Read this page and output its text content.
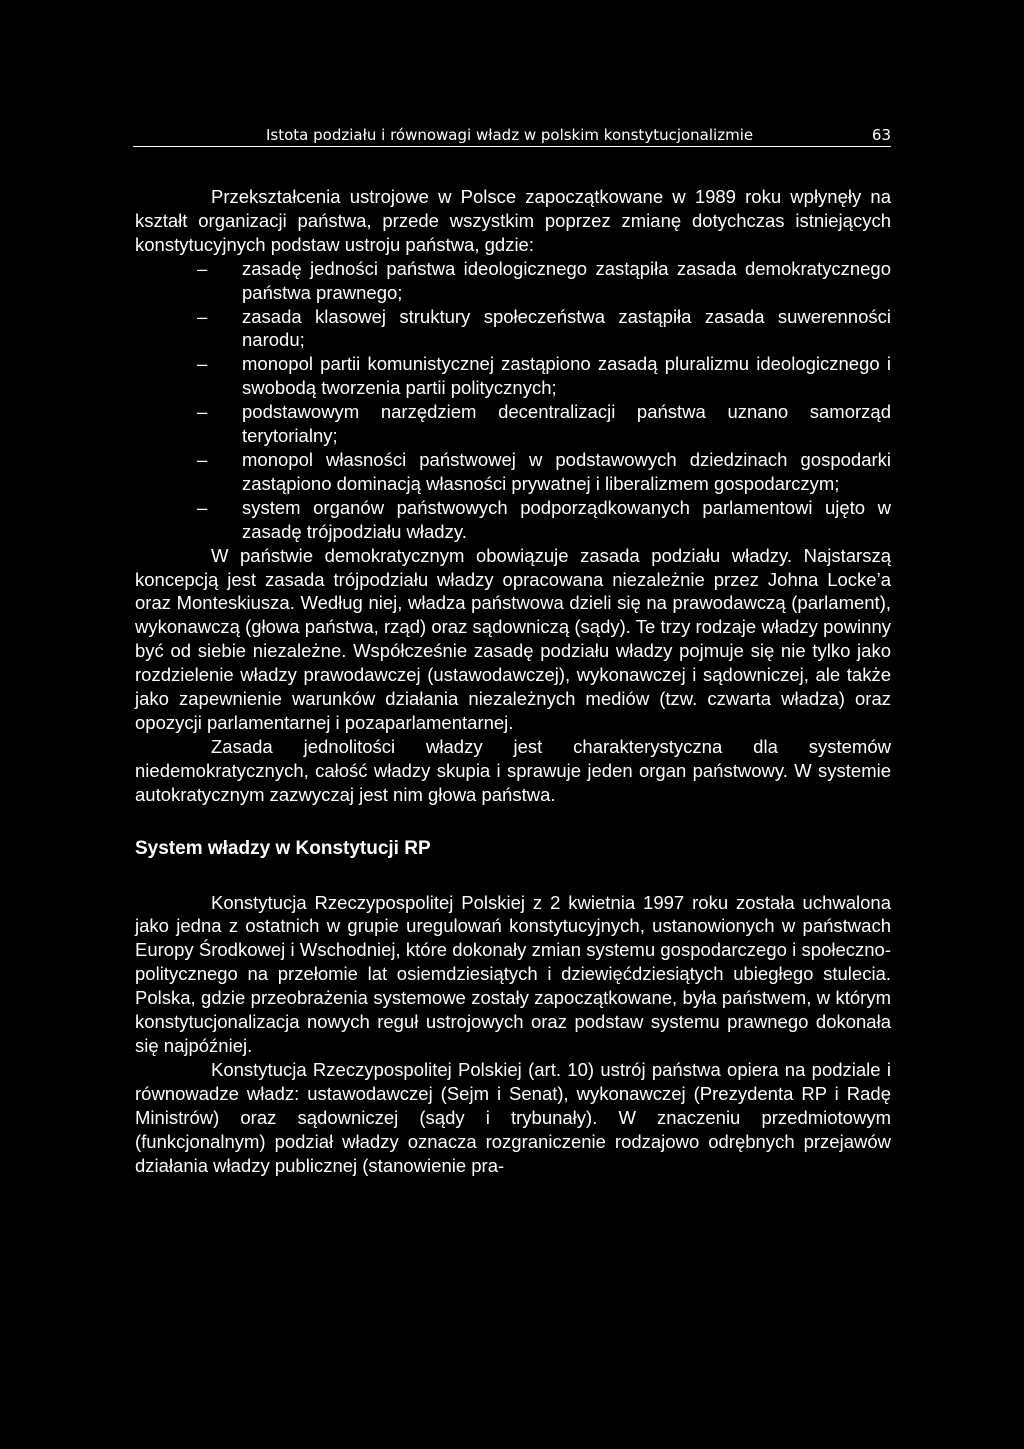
Istota podziału i równowagi władz w polskim konstytucjonalizmie	63

Przekształcenia ustrojowe w Polsce zapoczątkowane w 1989 roku wpłynęły na kształt organizacji państwa, przede wszystkim poprzez zmianę dotychczas istniejących konstytucyjnych podstaw ustroju państwa, gdzie:

– zasadę jedności państwa ideologicznego zastąpiła zasada demokratycznego państwa prawnego;
– zasada klasowej struktury społeczeństwa zastąpiła zasada suwerenności narodu;
– monopol partii komunistycznej zastąpiono zasadą pluralizmu ideologicznego i swobodą tworzenia partii politycznych;
– podstawowym narzędziem decentralizacji państwa uznano samorząd terytorialny;
– monopol własności państwowej w podstawowych dziedzinach gospodarki zastąpiono dominacją własności prywatnej i liberalizmem gospodarczym;
– system organów państwowych podporządkowanych parlamentowi ujęto w zasadę trójpodziału władzy.

W państwie demokratycznym obowiązuje zasada podziału władzy. Najstarszą koncepcją jest zasada trójpodziału władzy opracowana niezależnie przez Johna Locke’a oraz Monteskiusza. Według niej, władza państwowa dzieli się na prawodawczą (parlament), wykonawczą (głowa państwa, rząd) oraz sądowniczą (sądy). Te trzy rodzaje władzy powinny być od siebie niezależne. Współcześnie zasadę podziału władzy pojmuje się nie tylko jako rozdzielenie władzy prawodawczej (ustawodawczej), wykonawczej i sądowniczej, ale także jako zapewnienie warunków działania niezależnych mediów (tzw. czwarta władza) oraz opozycji parlamentarnej i pozaparlamentarnej.

Zasada jednolitości władzy jest charakterystyczna dla systemów niedemokratycznych, całość władzy skupia i sprawuje jeden organ państwowy. W systemie autokratycznym zazwyczaj jest nim głowa państwa.

System władzy w Konstytucji RP

Konstytucja Rzeczypospolitej Polskiej z 2 kwietnia 1997 roku została uchwalona jako jedna z ostatnich w grupie uregulowań konstytucyjnych, ustanowionych w państwach Europy Środkowej i Wschodniej, które dokonały zmian systemu gospodarczego i społeczno-politycznego na przełomie lat osiemdziesiątych i dziewięćdziesiątych ubiegłego stulecia. Polska, gdzie przeobrażenia systemowe zostały zapoczątkowane, była państwem, w którym konstytucjonalizacja nowych reguł ustrojowych oraz podstaw systemu prawnego dokonała się najpóźniej.

Konstytucja Rzeczypospolitej Polskiej (art. 10) ustrój państwa opiera na podziale i równowadze władz: ustawodawczej (Sejm i Senat), wykonawczej (Prezydenta RP i Radę Ministrów) oraz sądowniczej (sądy i trybunały). W znaczeniu przedmiotowym (funkcjonalnym) podział władzy oznacza rozgraniczenie rodzajowo odrębnych przejawów działania władzy publicznej (stanowienie pra-
